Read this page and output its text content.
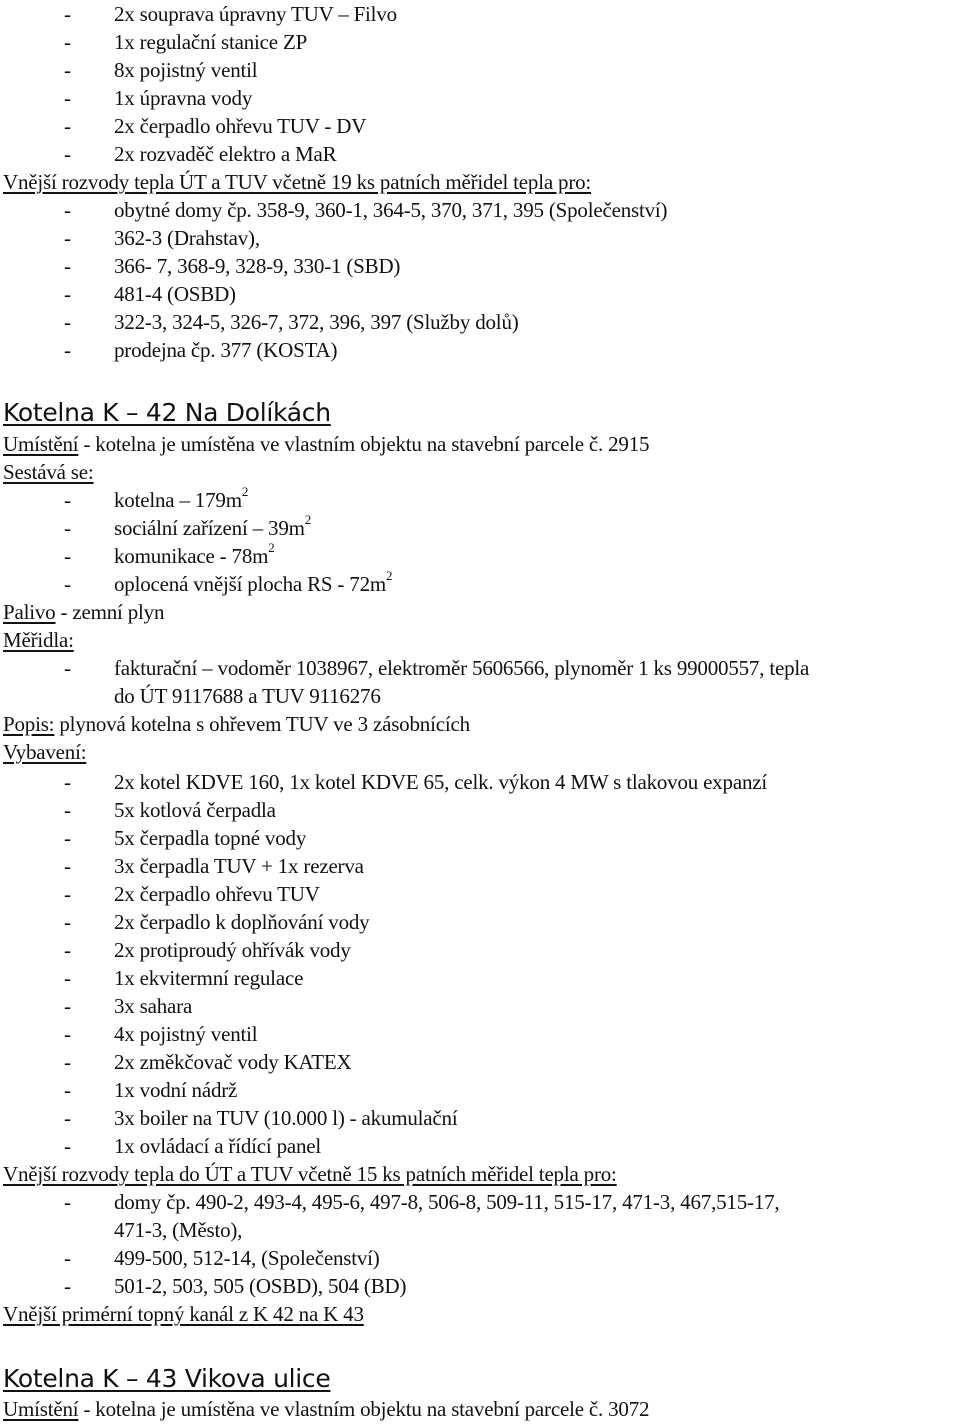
- 2x souprava úpravny TUV – Filvo
- 1x regulační stanice ZP
- 8x pojistný ventil
- 1x úpravna vody
- 2x čerpadlo ohřevu TUV - DV
- 2x rozvaděč elektro a MaR
Vnější rozvody tepla ÚT a TUV včetně 19 ks patních měřidel tepla pro:
- obytné domy čp. 358-9, 360-1, 364-5, 370, 371, 395 (Společenství)
- 362-3 (Drahstav),
- 366- 7, 368-9, 328-9, 330-1 (SBD)
- 481-4 (OSBD)
- 322-3, 324-5, 326-7, 372, 396, 397 (Služby dolů)
- prodejna čp. 377 (KOSTA)
Kotelna K – 42 Na Dolíkách
Umístění - kotelna je umístěna ve vlastním objektu na stavební parcele č. 2915
Sestává se:
- kotelna – $179m^2$
- sociální zařízení – $39m^2$
- komunikace - $78m^2$
- oplocená vnější plocha RS - $72m^2$
Palivo - zemní plyn
Měřidla:
- fakturační – vodoměr 1038967, elektroměr 5606566, plynoměr 1 ks 99000557, tepla
do ÚT 9117688 a TUV 9116276
Popis: plynová kotelna s ohřevem TUV ve 3 zásobnících
Vybavení:
- 2x kotel KDVE 160, 1x kotel KDVE 65, celk. výkon 4 MW s tlakovou expanzí
- 5x kotlová čerpadla
- 5x čerpadla topné vody
- 3x čerpadla TUV + 1x rezerva
- 2x čerpadlo ohřevu TUV
- 2x čerpadlo k doplňování vody
- 2x protiproudý ohřívák vody
- 1x ekvitermní regulace
- 3x sahara
- 4x pojistný ventil
- 2x změkčovač vody KATEX
- 1x vodní nádrž
- 3x boiler na TUV (10.000 l) - akumulační
- 1x ovládací a řídící panel
Vnější rozvody tepla do ÚT a TUV včetně 15 ks patních měřidel tepla pro:
- domy čp. 490-2, 493-4, 495-6, 497-8, 506-8, 509-11, 515-17, 471-3, 467,515-17,
471-3, (Město),
- 499-500, 512-14, (Společenství)
- 501-2, 503, 505 (OSBD), 504 (BD)
Vnější primérní topný kanál z K 42 na K 43
Kotelna K – 43 Vikova ulice
Umístění - kotelna je umístěna ve vlastním objektu na stavební parcele č. 3072
